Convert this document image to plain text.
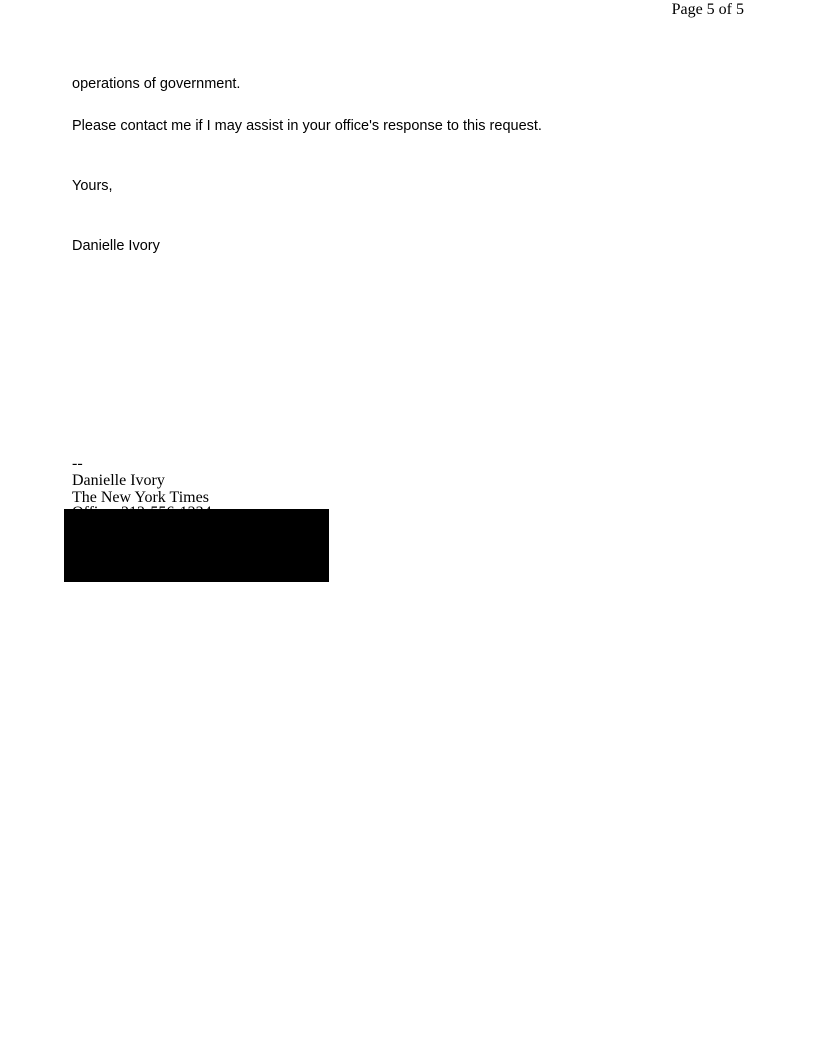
Page 5 of 5
operations of government.
Please contact me if I may assist in your office's response to this request.
Yours,
Danielle Ivory
--
Danielle Ivory
The New York Times
